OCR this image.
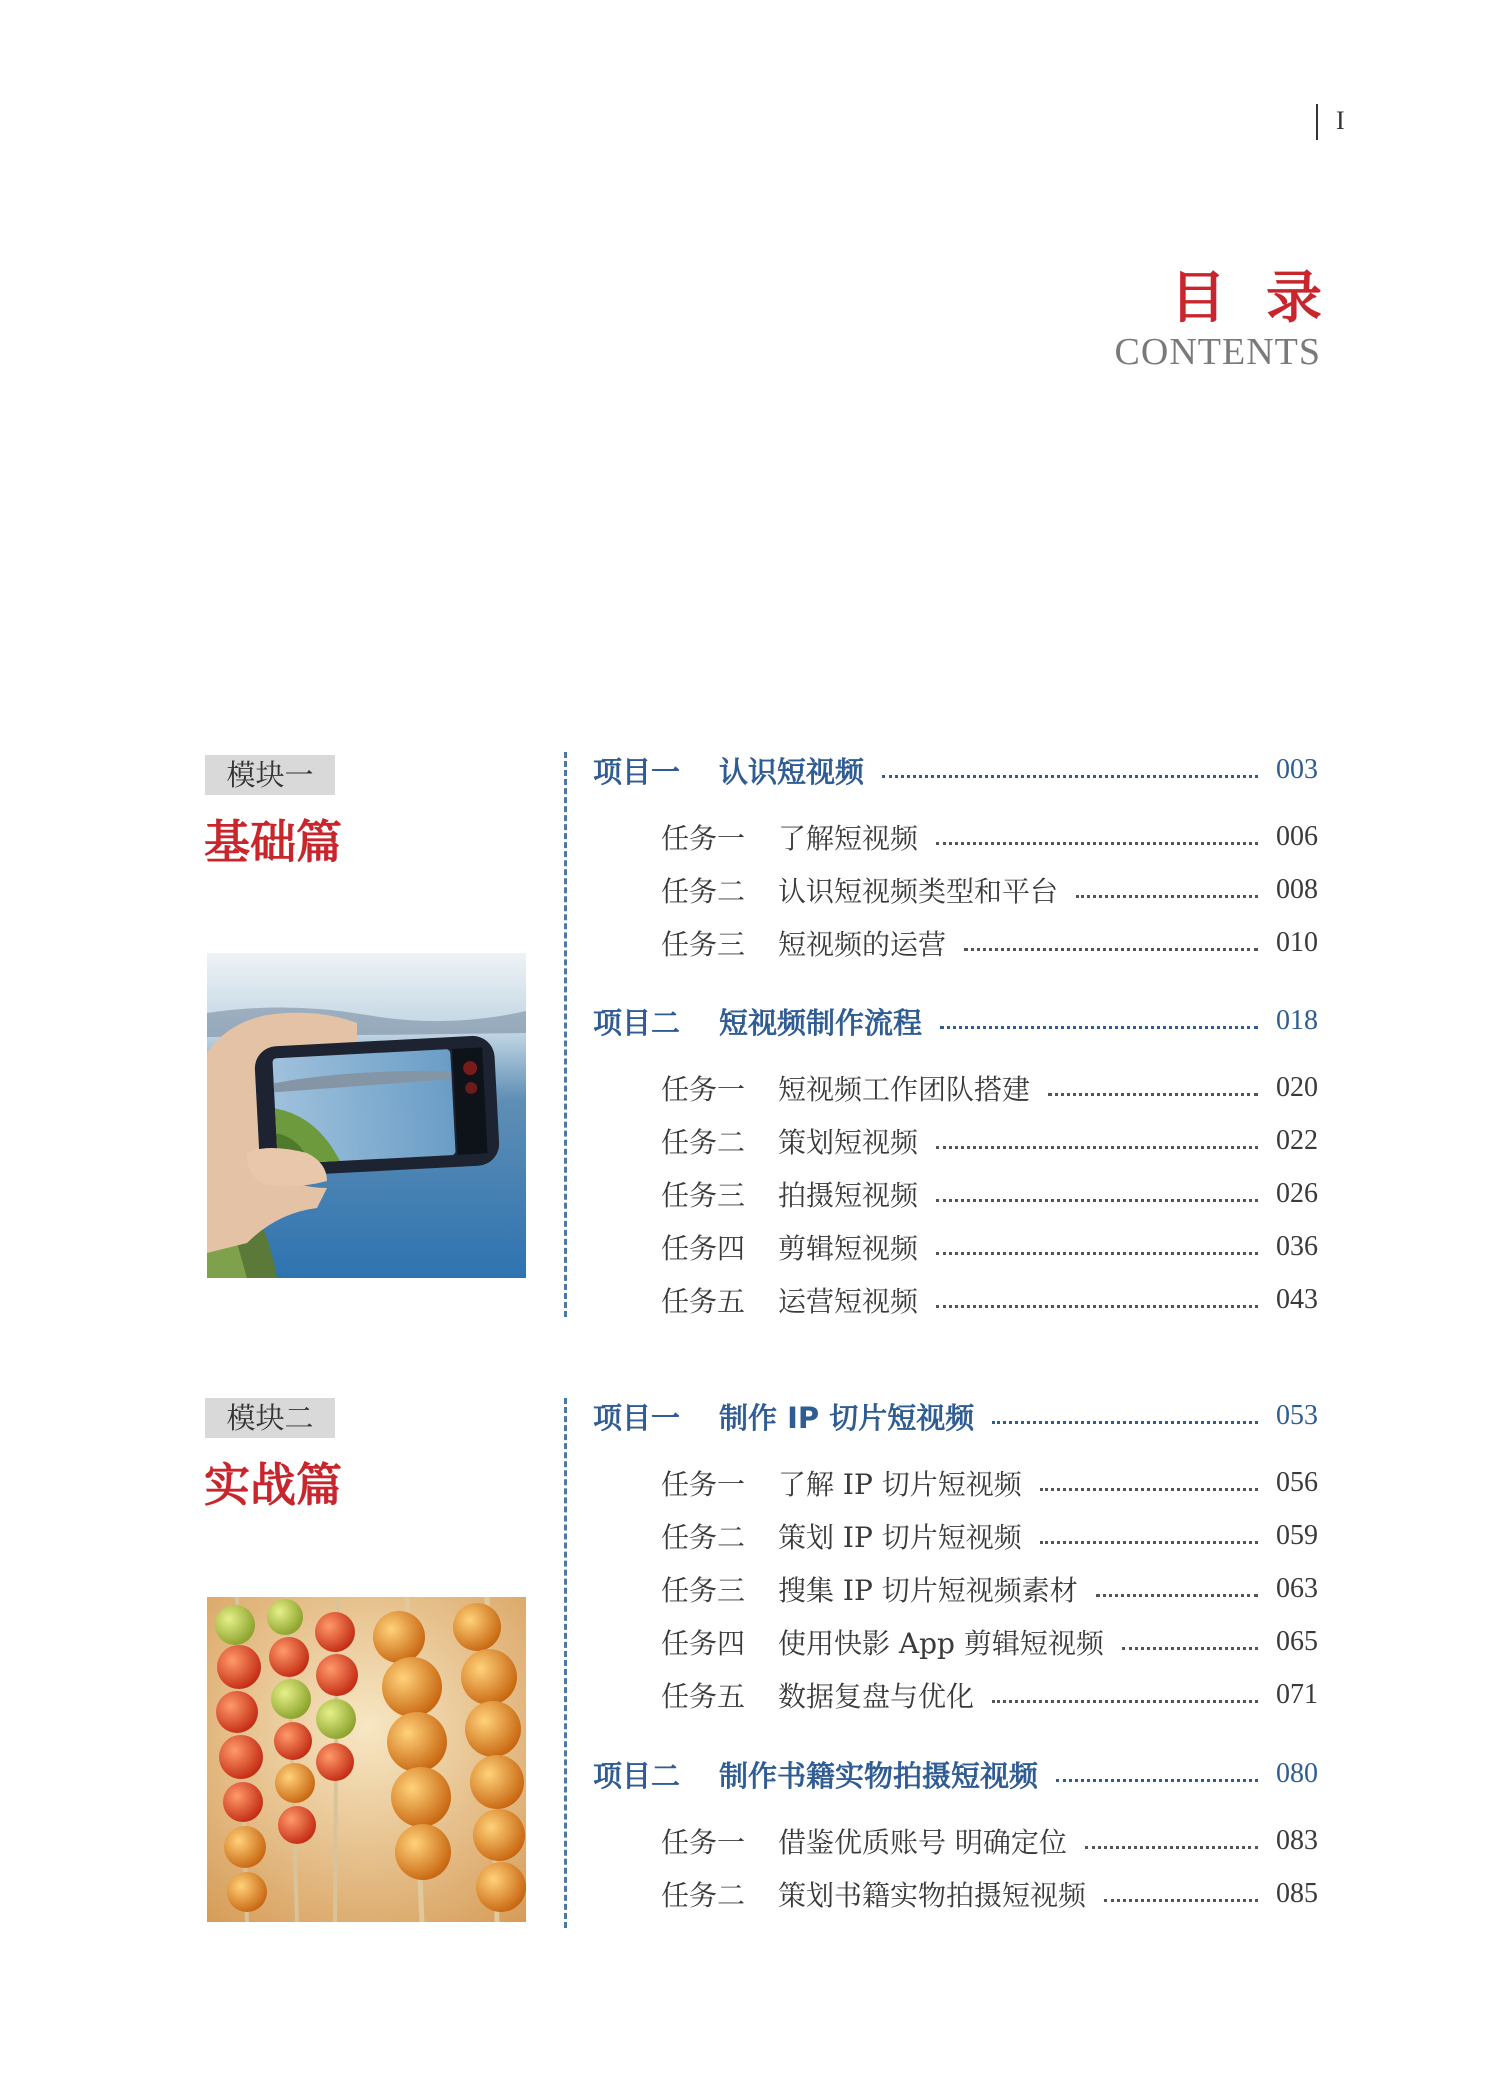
I
目录
CONTENTS
模块一
基础篇
项目一 认识短视频	003
任务一 了解短视频	006
任务二 认识短视频类型和平台	008
任务三 短视频的运营	010
项目二 短视频制作流程	018
任务一 短视频工作团队搭建	020
任务二 策划短视频	022
任务三 拍摄短视频	026
任务四 剪辑短视频	036
任务五 运营短视频	043
模块二
实战篇
项目一 制作 IP 切片短视频	053
任务一 了解 IP 切片短视频	056
任务二 策划 IP 切片短视频	059
任务三 搜集 IP 切片短视频素材	063
任务四 使用快影 App 剪辑短视频	065
任务五 数据复盘与优化	071
项目二 制作书籍实物拍摄短视频	080
任务一 借鉴优质账号 明确定位	083
任务二 策划书籍实物拍摄短视频	085
